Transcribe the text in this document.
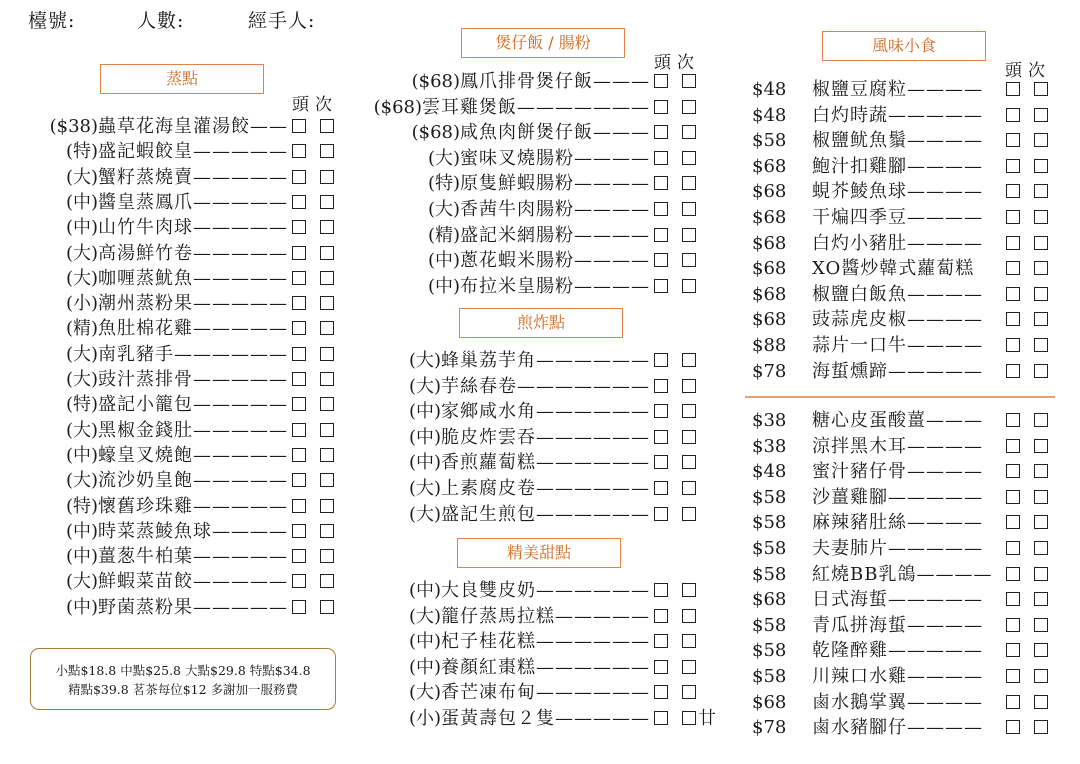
檯號:	人數:	經手人:
蒸點
煲仔飯 / 腸粉
煎炸點
精美甜點
風味小食
頭次
頭次	頭次
($38)蟲草花海皇灌湯餃——
(特)盛記蝦餃皇—————
(大)蟹籽蒸燒賣—————
(中)醬皇蒸鳳爪—————
(中)山竹牛肉球—————
(大)高湯鮮竹卷—————
(大)咖喱蒸魷魚—————
(小)潮州蒸粉果—————
(精)魚肚棉花雞—————
(大)南乳豬手——————
(大)豉汁蒸排骨—————
(特)盛記小籠包—————
(大)黑椒金錢肚—————
(中)蠔皇叉燒飽—————
(大)流沙奶皇飽—————
(特)懷舊珍珠雞—————
(中)時菜蒸鯪魚球————
(中)薑葱牛柏葉—————
(大)鮮蝦菜苗餃—————
(中)野菌蒸粉果—————
($68)鳳爪排骨煲仔飯———
($68)雲耳雞煲飯———————
($68)咸魚肉餅煲仔飯———
(大)蜜味叉燒腸粉————
(特)原隻鮮蝦腸粉————
(大)香茜牛肉腸粉————
(精)盛記米網腸粉————
(中)蔥花蝦米腸粉————
(中)布拉米皇腸粉————
(大)蜂巢荔芋角——————
(大)芋絲春卷———————
(中)家鄉咸水角——————
(中)脆皮炸雲吞——————
(中)香煎蘿蔔糕——————
(大)上素腐皮卷——————
(大)盛記生煎包——————
(中)大良雙皮奶——————
(大)籠仔蒸馬拉糕—————
(中)杞子桂花糕——————
(中)養顏紅棗糕——————
(大)香芒凍布甸——————
(小)蛋黃壽包２隻—————	廿
$48 椒鹽豆腐粒————
$48 白灼時蔬—————
$58 椒鹽鱿魚鬚————
$68 鮑汁扣雞腳————
$68 蜆芥鯪魚球————
$68 干煸四季豆————
$68 白灼小豬肚————
$68 XO醬炒韓式蘿蔔糕
$68 椒鹽白飯魚————
$68 豉蒜虎皮椒————
$88 蒜片一口牛————
$78 海蜇燻蹄—————
$38 糖心皮蛋酸薑———
$38 涼拌黑木耳————
$48 蜜汁豬仔骨————
$58 沙薑雞腳—————
$58 麻辣豬肚絲————
$58 夫妻肺片—————
$58 紅燒BB乳鴿————
$68 日式海蜇—————
$58 青瓜拼海蜇————
$58 乾隆醉雞—————
$58 川辣口水雞————
$68 鹵水鵝掌翼————
$78 鹵水豬腳仔————
小點$18.8 中點$25.8 大點$29.8 特點$34.8
精點$39.8 茗茶每位$12 多謝加一服務費
